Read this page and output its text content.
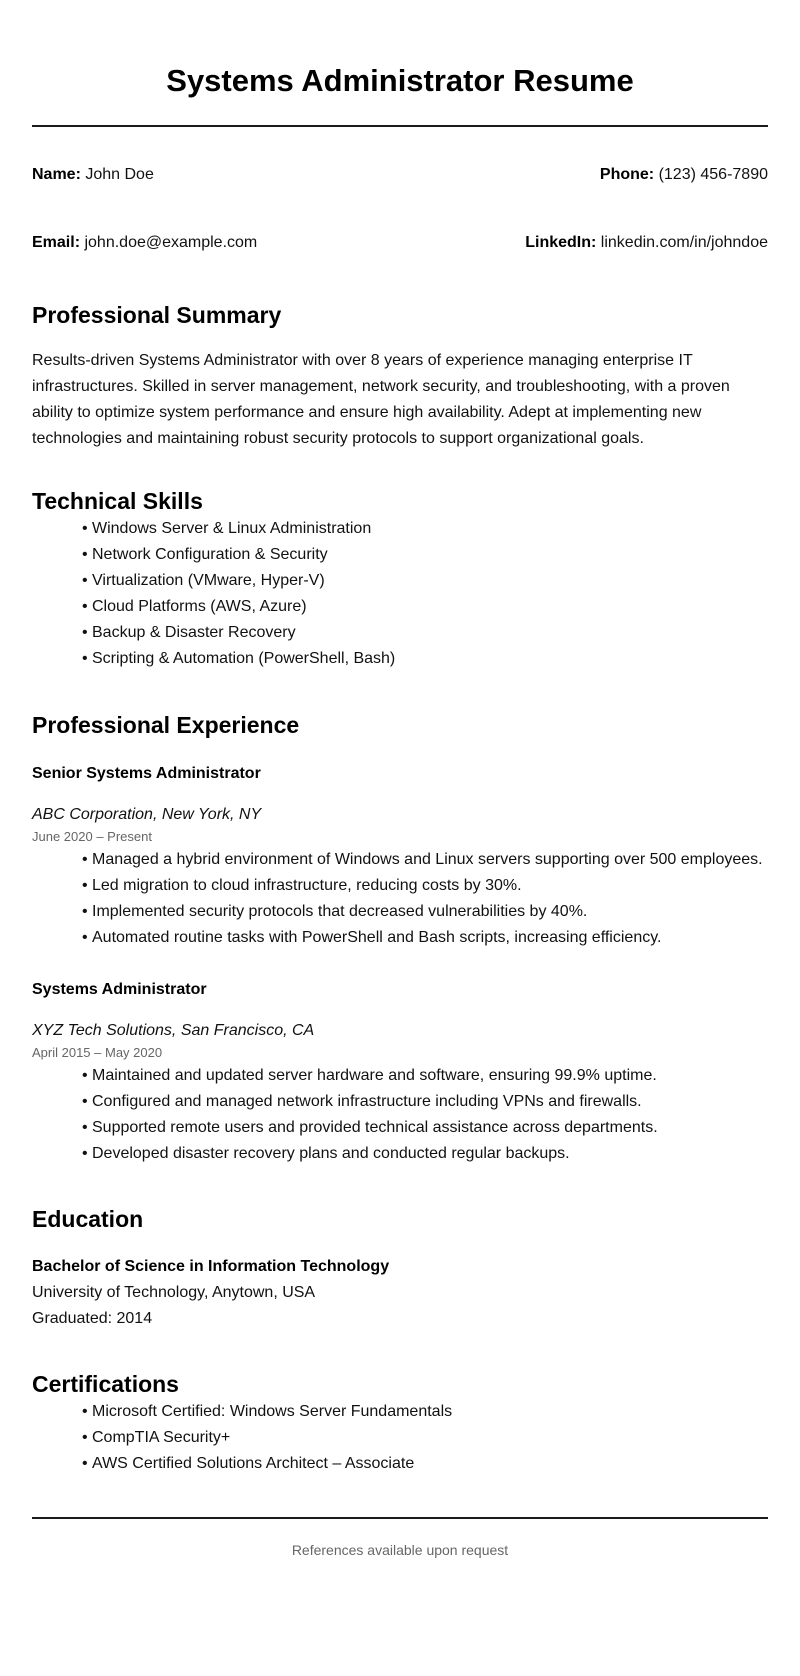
Systems Administrator Resume
Name: John Doe	Phone: (123) 456-7890
Email: john.doe@example.com	LinkedIn: linkedin.com/in/johndoe
Professional Summary

Results-driven Systems Administrator with over 8 years of experience managing enterprise IT infrastructures. Skilled in server management, network security, and troubleshooting, with a proven ability to optimize system performance and ensure high availability. Adept at implementing new technologies and maintaining robust security protocols to support organizational goals.

Technical Skills
• Windows Server & Linux Administration
• Network Configuration & Security
• Virtualization (VMware, Hyper-V)
• Cloud Platforms (AWS, Azure)
• Backup & Disaster Recovery
• Scripting & Automation (PowerShell, Bash)
Professional Experience
Senior Systems Administrator
ABC Corporation, New York, NY
June 2020 – Present
• Managed a hybrid environment of Windows and Linux servers supporting over 500 employees.
• Led migration to cloud infrastructure, reducing costs by 30%.
• Implemented security protocols that decreased vulnerabilities by 40%.
• Automated routine tasks with PowerShell and Bash scripts, increasing efficiency.
Systems Administrator
XYZ Tech Solutions, San Francisco, CA
April 2015 – May 2020
• Maintained and updated server hardware and software, ensuring 99.9% uptime.
• Configured and managed network infrastructure including VPNs and firewalls.
• Supported remote users and provided technical assistance across departments.
• Developed disaster recovery plans and conducted regular backups.
Education
Bachelor of Science in Information Technology
University of Technology, Anytown, USA
Graduated: 2014
Certifications
• Microsoft Certified: Windows Server Fundamentals
• CompTIA Security+
• AWS Certified Solutions Architect – Associate
References available upon request
